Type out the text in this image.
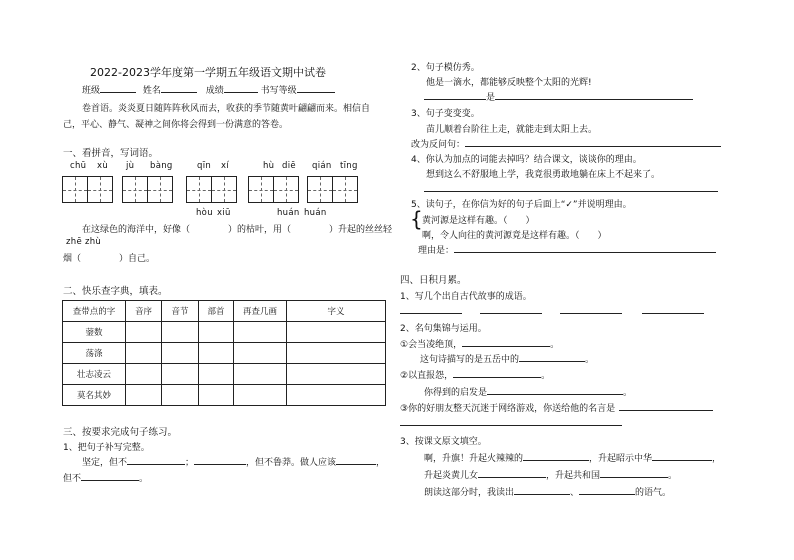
2022-2023学年度第一学期五年级语文期中试卷
班级	姓名	成绩	书写等级
卷首语。炎炎夏日随阵阵秋风而去，收获的季节随黄叶翩翩而来。相信自
己，平心、静气、凝神之间你将会得到一份满意的答卷。
一、看拼音，写词语。
chū xù jù bàng	qīn xí	hù diē qián tīng
hòu xiū	huán huán
在这绿色的海洋中，好像（	）的枯叶，用（	）升起的丝丝轻
zhē zhù
烟（	）自己。
二、快乐查字典，填表。
查带点的字	音序	音节	部首	再查几画	字义
蓥数					
荡涤					
壮志凌云					
莫名其妙					
三、按要求完成句子练习。
1、把句子补写完整。
坚定，但不	；	，但不鲁莽。做人应该	，
但不	。
2、句子模仿秀。
他是一滴水，都能够反映整个太阳的光辉!
是
3、句子变变变。
苗儿顺着台阶往上走，就能走到太阳上去。
改为反问句：
4、你认为加点的词能去掉吗？结合课文，谈谈你的理由。
想到这么不舒服地上学，我竟很勇敢地躺在床上不起来了。
5、读句子，在你信为好的句子后面上“✓”并说明理由。
{ 黄河源是这样有趣。（ ）
啊，令人向往的黄河源竟是这样有趣。（ ）
理由是：
四、日积月累。
1、写几个出自古代故事的成语。
2、名句集锦与运用。
①会当凌绝顶，	。
这句诗描写的是五岳中的	。
②以直报怨，	。
你得到的启发是	。
③你的好朋友整天沉迷于网络游戏，你送给他的名言是
3、按课文原文填空。
啊，升旗！升起火辣辣的	，升起昭示中华	，
升起炎黄儿女	，升起共和国	。
朗读这部分时，我读出	、	的语气。
